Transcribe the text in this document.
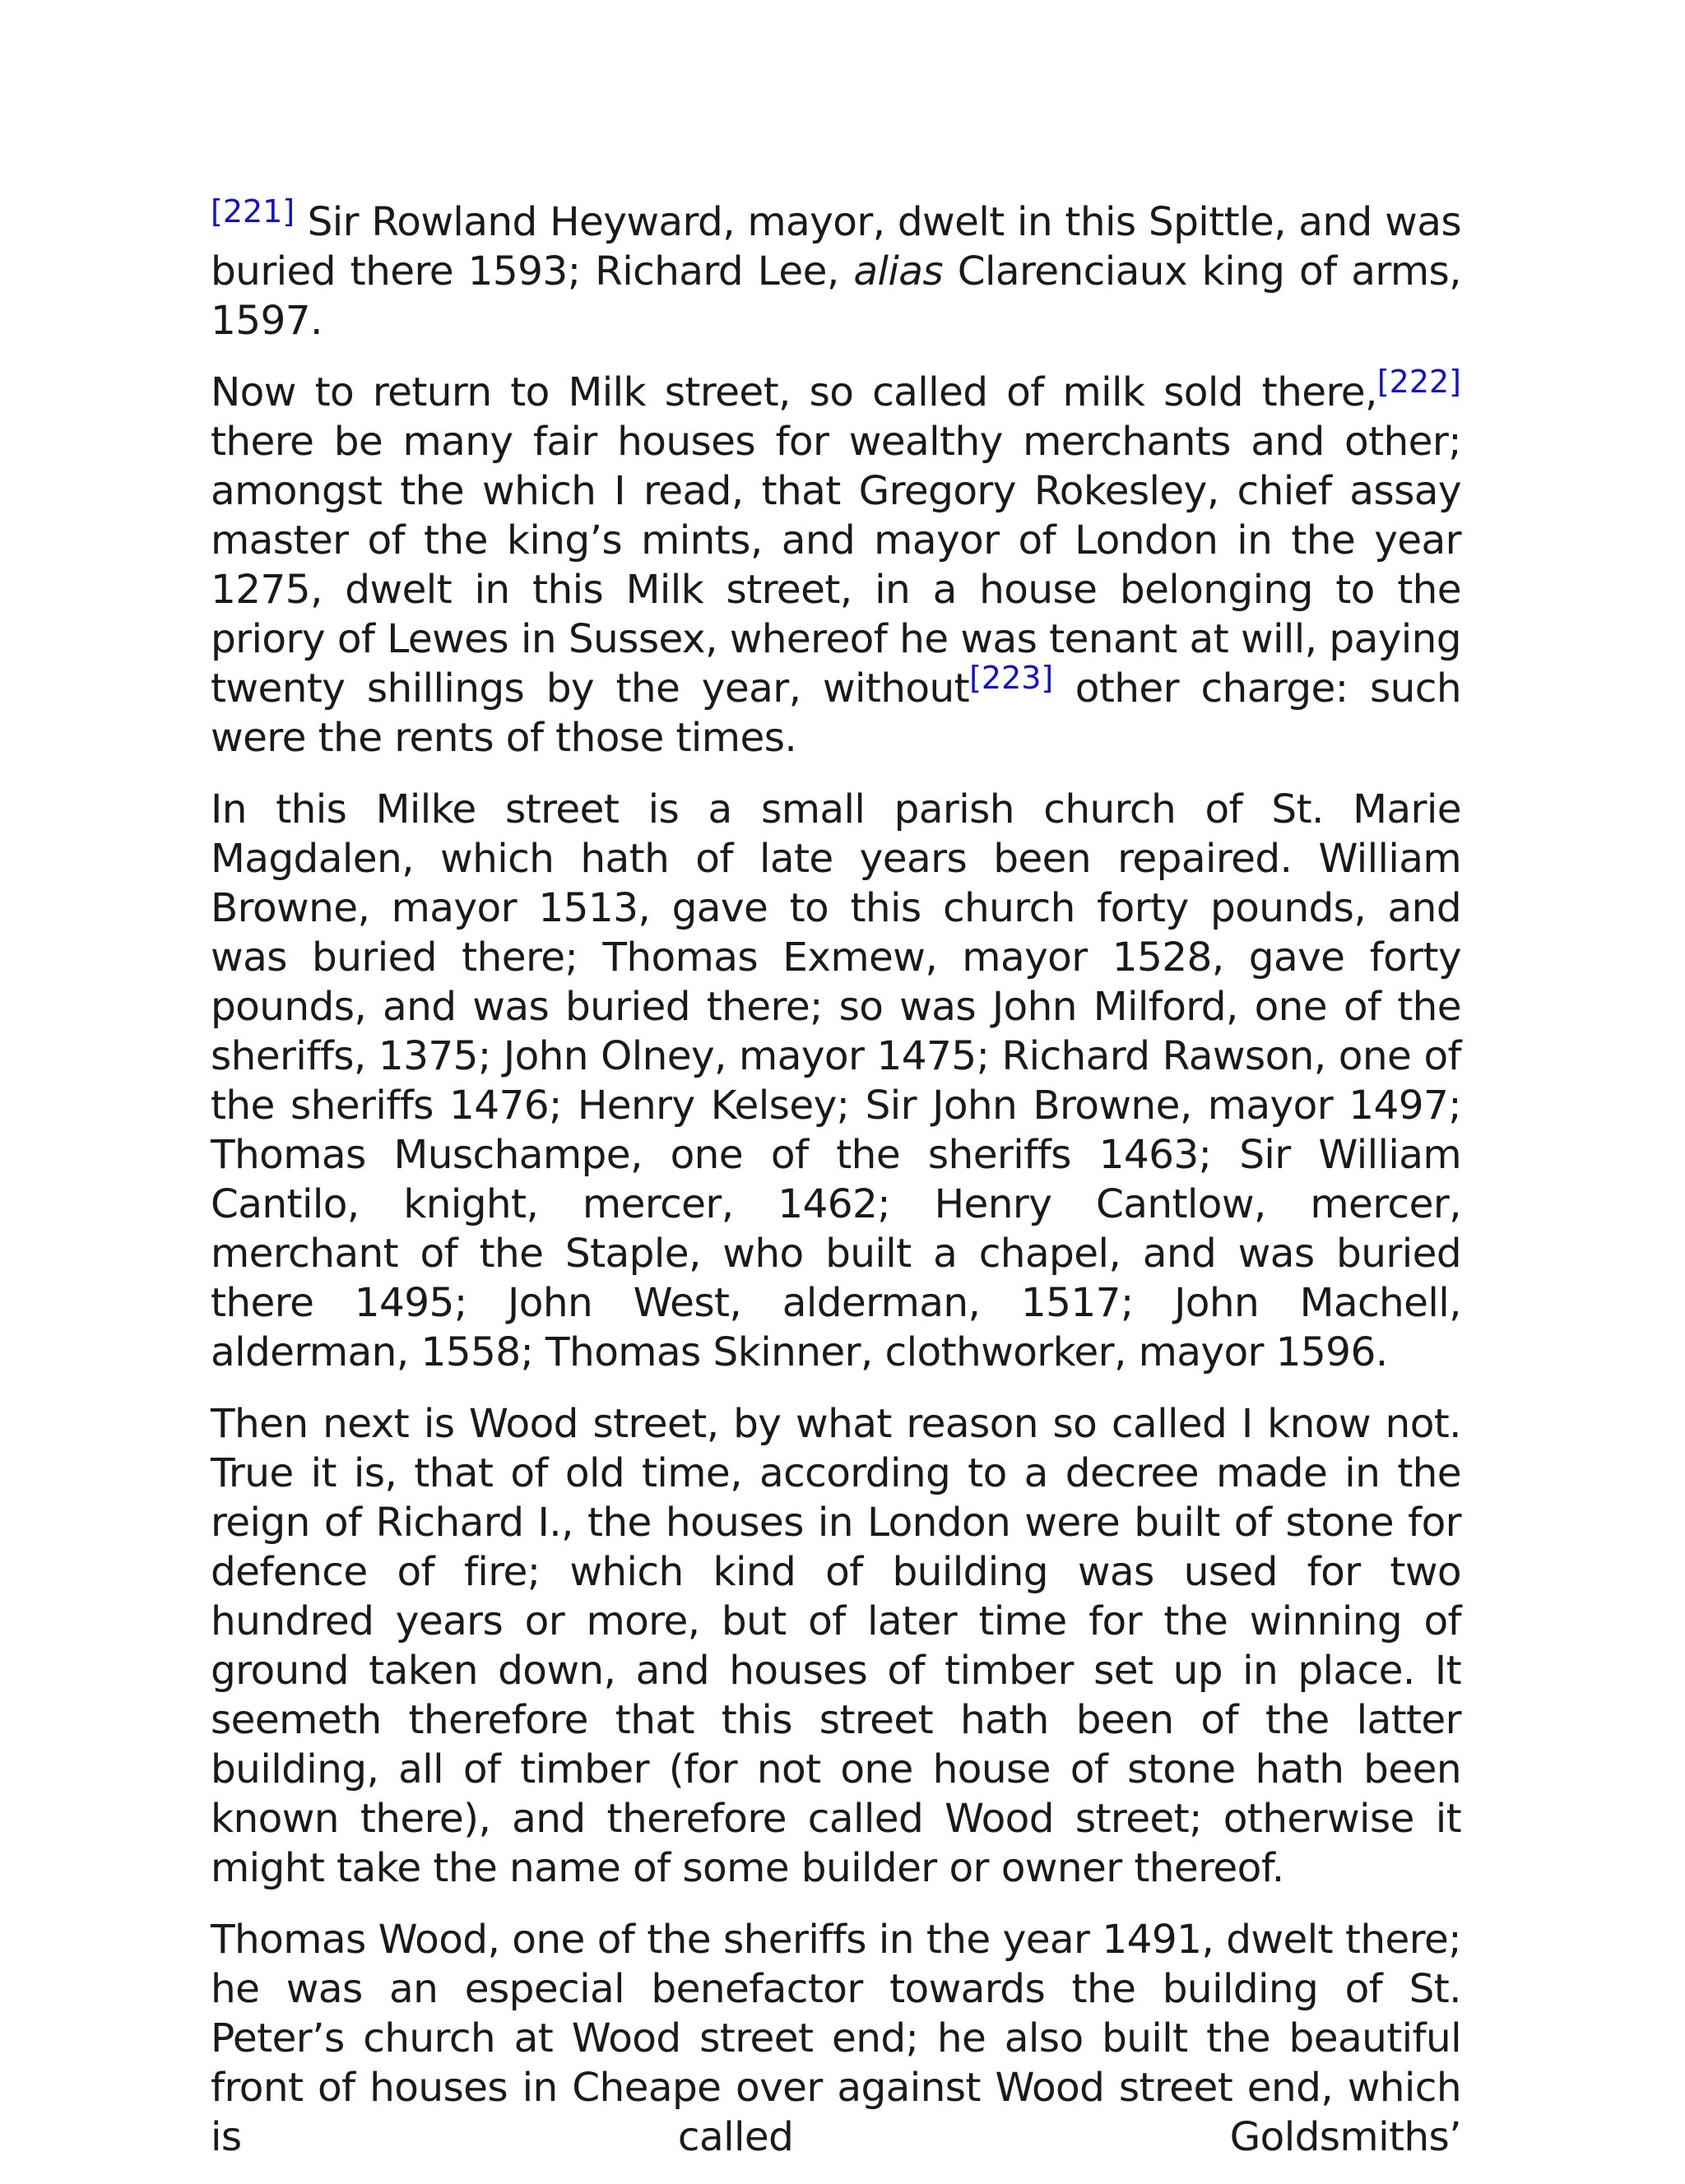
[221] Sir Rowland Heyward, mayor, dwelt in this Spittle, and was buried there 1593; Richard Lee, alias Clarenciaux king of arms, 1597.

Now to return to Milk street, so called of milk sold there,[222] there be many fair houses for wealthy merchants and other; amongst the which I read, that Gregory Rokesley, chief assay master of the king’s mints, and mayor of London in the year 1275, dwelt in this Milk street, in a house belonging to the priory of Lewes in Sussex, whereof he was tenant at will, paying twenty shillings by the year, without[223] other charge: such were the rents of those times.

In this Milke street is a small parish church of St. Marie Magdalen, which hath of late years been repaired. William Browne, mayor 1513, gave to this church forty pounds, and was buried there; Thomas Exmew, mayor 1528, gave forty pounds, and was buried there; so was John Milford, one of the sheriffs, 1375; John Olney, mayor 1475; Richard Rawson, one of the sheriffs 1476; Henry Kelsey; Sir John Browne, mayor 1497; Thomas Muschampe, one of the sheriffs 1463; Sir William Cantilo, knight, mercer, 1462; Henry Cantlow, mercer, merchant of the Staple, who built a chapel, and was buried there 1495; John West, alderman, 1517; John Machell, alderman, 1558; Thomas Skinner, clothworker, mayor 1596.

Then next is Wood street, by what reason so called I know not. True it is, that of old time, according to a decree made in the reign of Richard I., the houses in London were built of stone for defence of fire; which kind of building was used for two hundred years or more, but of later time for the winning of ground taken down, and houses of timber set up in place. It seemeth therefore that this street hath been of the latter building, all of timber (for not one house of stone hath been known there), and therefore called Wood street; otherwise it might take the name of some builder or owner thereof.

Thomas Wood, one of the sheriffs in the year 1491, dwelt there; he was an especial benefactor towards the building of St. Peter’s church at Wood street end; he also built the beautiful front of houses in Cheape over against Wood street end, which is called Goldsmiths’
